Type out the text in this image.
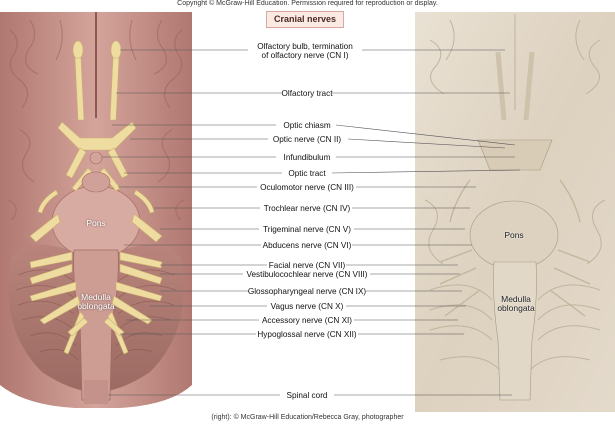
Copyright © McGraw-Hill Education. Permission required for reproduction or display.
Cranial nerves
Pons
Medulla
oblongata
Pons
Medulla
oblongata
Olfactory bulb, termination
of olfactory nerve (CN I)
Olfactory tract
Optic chiasm
Optic nerve (CN II)
Infundibulum
Optic tract
Oculomotor nerve (CN III)
Trochlear nerve (CN IV)
Trigeminal nerve (CN V)
Abducens nerve (CN VI)
Facial nerve (CN VII)
Vestibulocochlear nerve (CN VIII)
Glossopharyngeal nerve (CN IX)
Vagus nerve (CN X)
Accessory nerve (CN XI)
Hypoglossal nerve (CN XII)
Spinal cord
(right): © McGraw-Hill Education/Rebecca Gray, photographer
